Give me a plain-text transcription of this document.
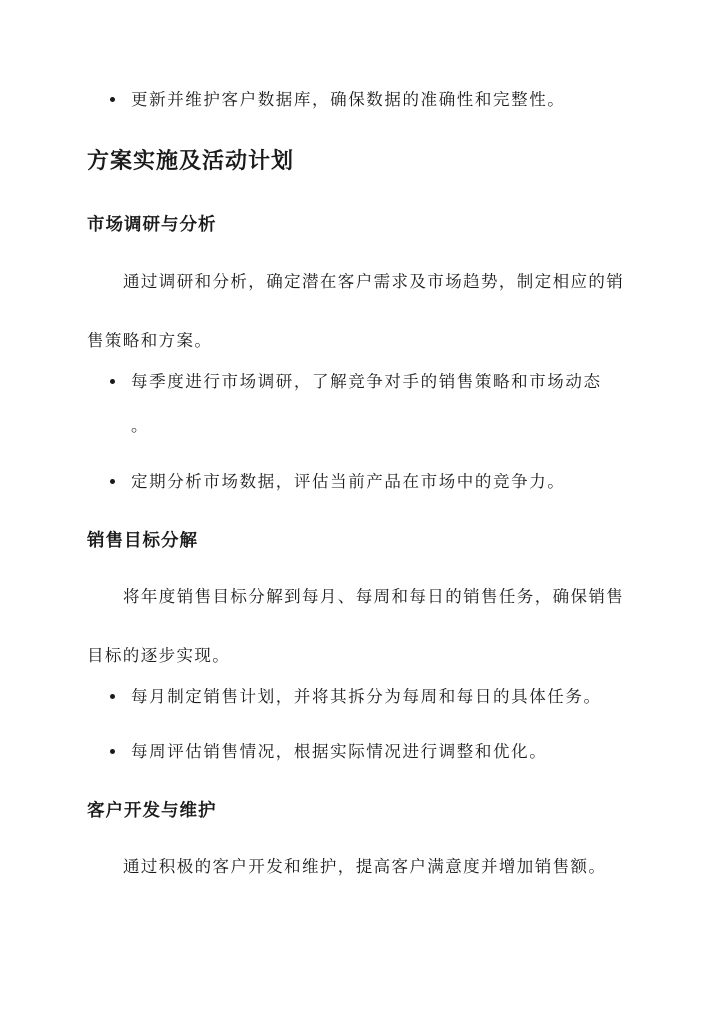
更新并维护客户数据库，确保数据的准确性和完整性。
方案实施及活动计划
市场调研与分析

通过调研和分析，确定潜在客户需求及市场趋势，制定相应的销售策略和方案。

每季度进行市场调研，了解竞争对手的销售策略和市场动态
。
定期分析市场数据，评估当前产品在市场中的竞争力。
销售目标分解

将年度销售目标分解到每月、每周和每日的销售任务，确保销售目标的逐步实现。

每月制定销售计划，并将其拆分为每周和每日的具体任务。
每周评估销售情况，根据实际情况进行调整和优化。
客户开发与维护

通过积极的客户开发和维护，提高客户满意度并增加销售额。
